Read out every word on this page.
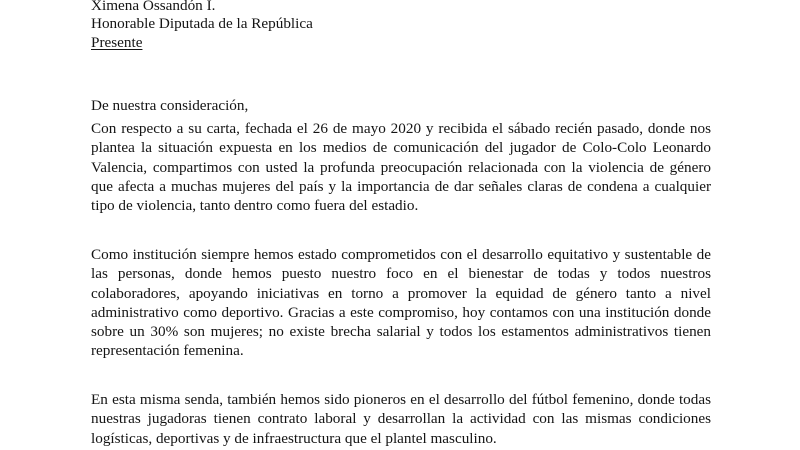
Ximena Ossandón I.
Honorable Diputada de la República
Presente
De nuestra consideración,

Con respecto a su carta, fechada el 26 de mayo 2020 y recibida el sábado recién pasado, donde nos plantea la situación expuesta en los medios de comunicación del jugador de Colo-Colo Leonardo Valencia, compartimos con usted la profunda preocupación relacionada con la violencia de género que afecta a muchas mujeres del país y la importancia de dar señales claras de condena a cualquier tipo de violencia, tanto dentro como fuera del estadio.

Como institución siempre hemos estado comprometidos con el desarrollo equitativo y sustentable de las personas, donde hemos puesto nuestro foco en el bienestar de todas y todos nuestros colaboradores, apoyando iniciativas en torno a promover la equidad de género tanto a nivel administrativo como deportivo. Gracias a este compromiso, hoy contamos con una institución donde sobre un 30% son mujeres; no existe brecha salarial y todos los estamentos administrativos tienen representación femenina.

En esta misma senda, también hemos sido pioneros en el desarrollo del fútbol femenino, donde todas nuestras jugadoras tienen contrato laboral y desarrollan la actividad con las mismas condiciones logísticas, deportivas y de infraestructura que el plantel masculino.
